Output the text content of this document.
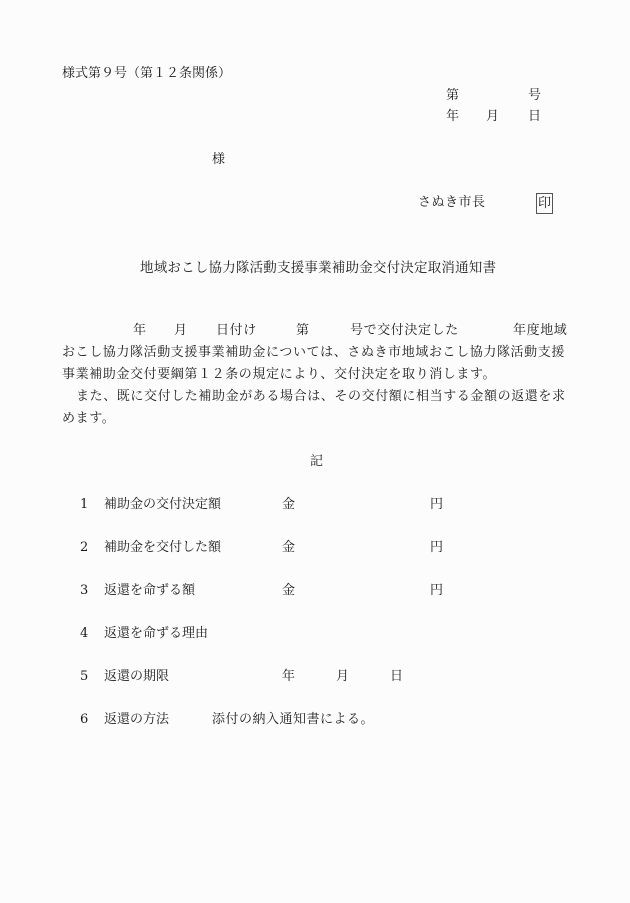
様式第９号（第１２条関係）
第	号
年 月 日
様
さぬき市長	印
地域おこし協力隊活動支援事業補助金交付決定取消通知書
年 月 日付け	第	号で交付決定した	年度地域
おこし協力隊活動支援事業補助金については、さぬき市地域おこし協力隊活動支援
事業補助金交付要綱第１２条の規定により、交付決定を取り消します。
また、既に交付した補助金がある場合は、その交付額に相当する金額の返還を求
めます。
記
1 補助金の交付決定額	金	円
2 補助金を交付した額	金	円
3 返還を命ずる額	金	円
4 返還を命ずる理由
5 返還の期限	年	月	日
6 返還の方法	添付の納入通知書による。
